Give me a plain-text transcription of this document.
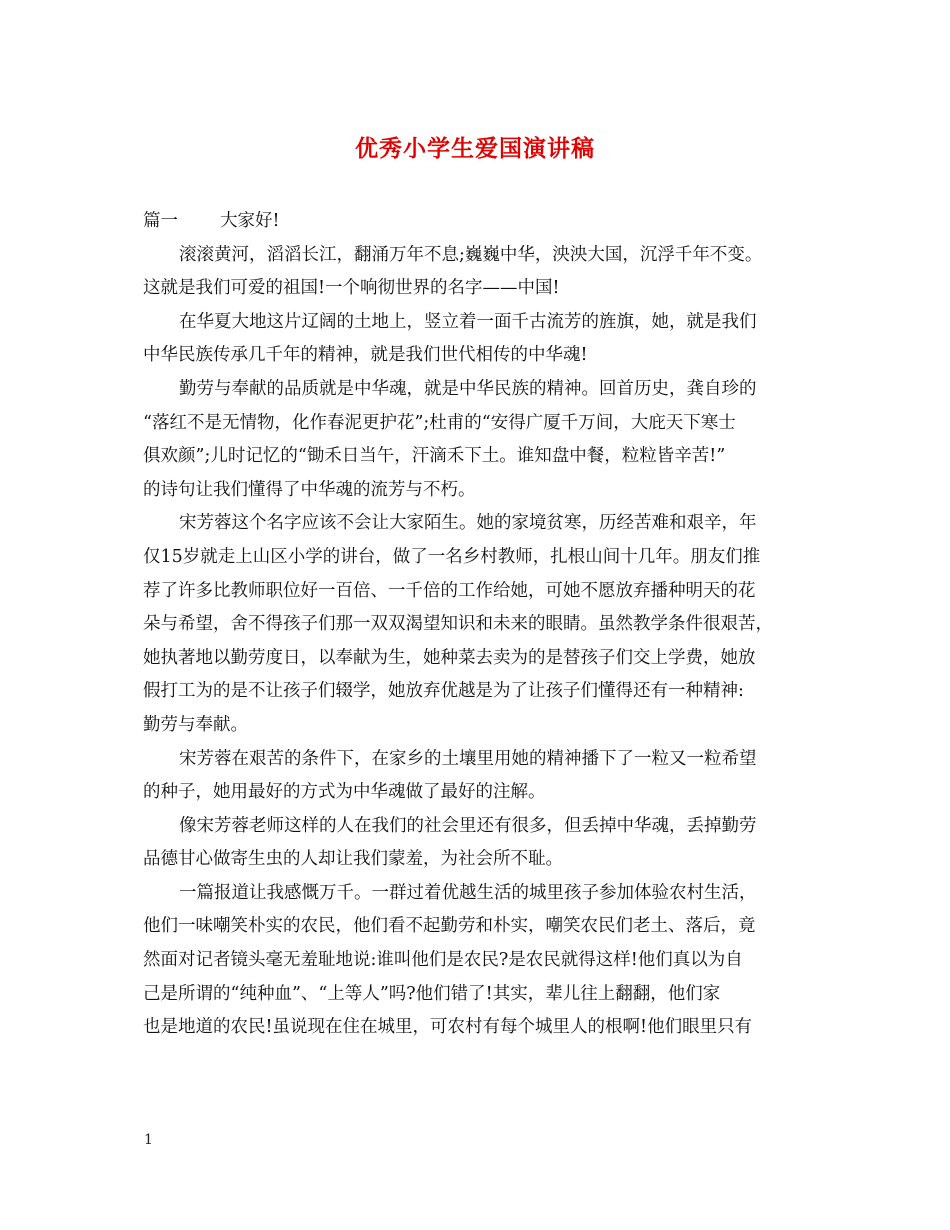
优秀小学生爱国演讲稿
篇一 大家好!

滚滚黄河，滔滔长江，翻涌万年不息;巍巍中华，泱泱大国，沉浮千年不变。

这就是我们可爱的祖国!一个响彻世界的名字——中国!

在华夏大地这片辽阔的土地上，竖立着一面千古流芳的旌旗，她，就是我们

中华民族传承几千年的精神，就是我们世代相传的中华魂!

勤劳与奉献的品质就是中华魂，就是中华民族的精神。回首历史，龚自珍的

“落红不是无情物，化作春泥更护花”;杜甫的“安得广厦千万间，大庇天下寒士

俱欢颜”;儿时记忆的“锄禾日当午，汗滴禾下土。谁知盘中餐，粒粒皆辛苦!”

的诗句让我们懂得了中华魂的流芳与不朽。

宋芳蓉这个名字应该不会让大家陌生。她的家境贫寒，历经苦难和艰辛，年

仅15岁就走上山区小学的讲台，做了一名乡村教师，扎根山间十几年。朋友们推

荐了许多比教师职位好一百倍、一千倍的工作给她，可她不愿放弃播种明天的花

朵与希望，舍不得孩子们那一双双渴望知识和未来的眼睛。虽然教学条件很艰苦，

她执著地以勤劳度日，以奉献为生，她种菜去卖为的是替孩子们交上学费，她放

假打工为的是不让孩子们辍学，她放弃优越是为了让孩子们懂得还有一种精神:

勤劳与奉献。

宋芳蓉在艰苦的条件下，在家乡的土壤里用她的精神播下了一粒又一粒希望

的种子，她用最好的方式为中华魂做了最好的注解。

像宋芳蓉老师这样的人在我们的社会里还有很多，但丢掉中华魂，丢掉勤劳

品德甘心做寄生虫的人却让我们蒙羞，为社会所不耻。

一篇报道让我感慨万千。一群过着优越生活的城里孩子参加体验农村生活，

他们一味嘲笑朴实的农民，他们看不起勤劳和朴实，嘲笑农民们老土、落后，竟

然面对记者镜头毫无羞耻地说:谁叫他们是农民?是农民就得这样!他们真以为自

己是所谓的“纯种血”、“上等人”吗?他们错了!其实，辈儿往上翻翻，他们家

也是地道的农民!虽说现在住在城里，可农村有每个城里人的根啊!他们眼里只有

1
